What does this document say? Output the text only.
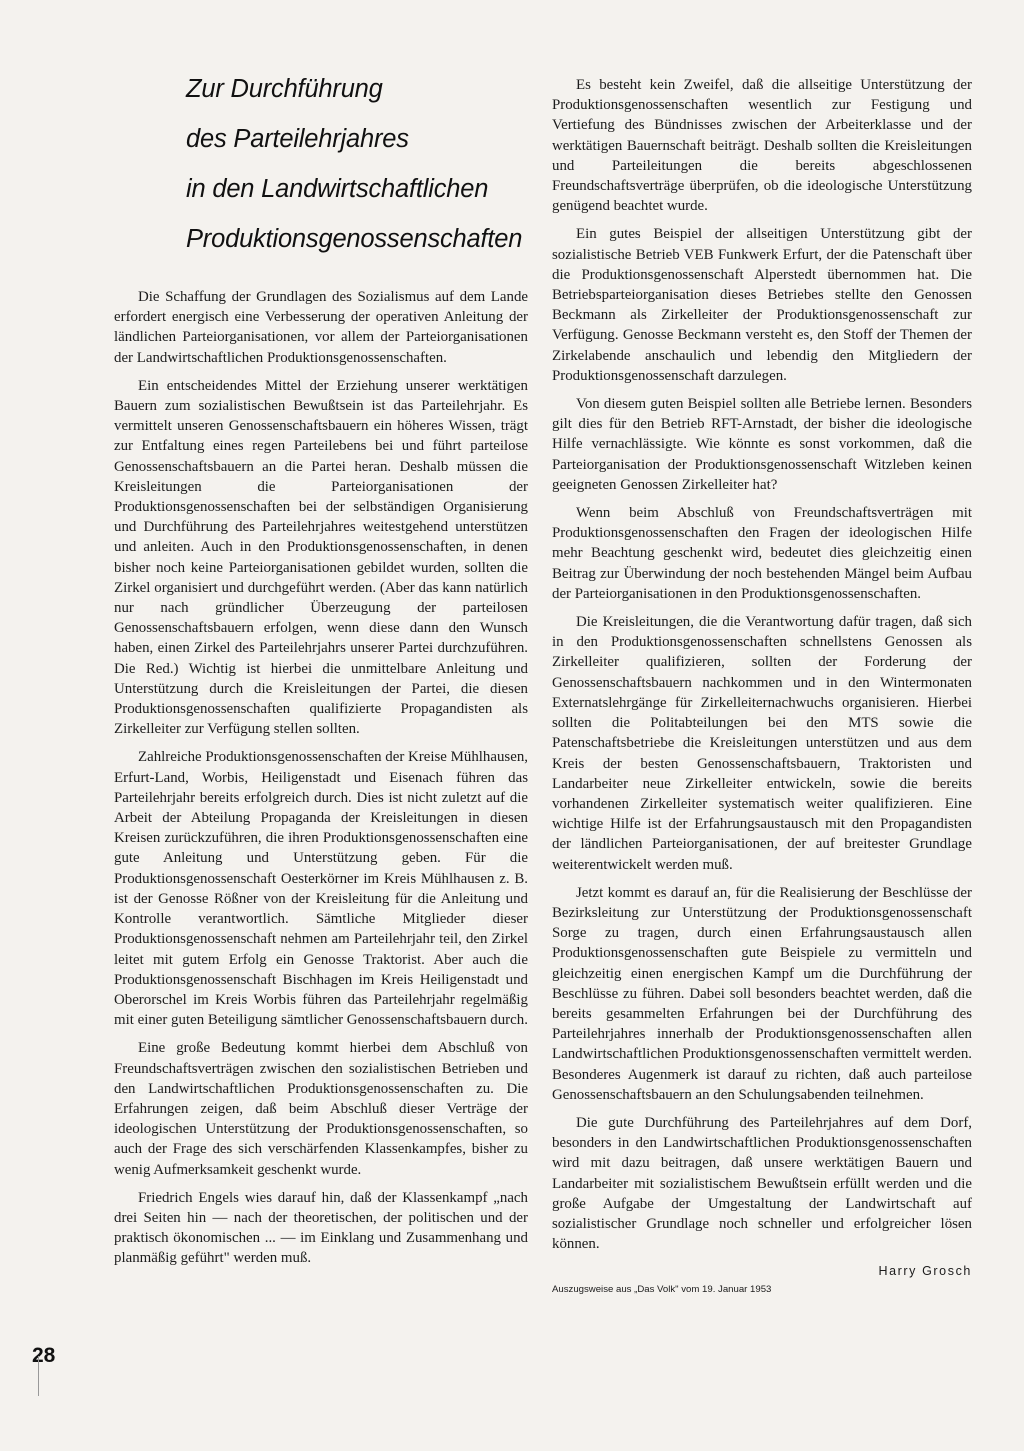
Zur Durchführung
des Parteilehrjahres
in den Landwirtschaftlichen
Produktionsgenossenschaften

Die Schaffung der Grundlagen des Sozialismus auf dem Lande erfordert energisch eine Verbesserung der operativen Anleitung der ländlichen Parteiorganisationen, vor allem der Parteiorganisationen der Landwirtschaftlichen Produktionsgenossenschaften.

Ein entscheidendes Mittel der Erziehung unserer werktätigen Bauern zum sozialistischen Bewußtsein ist das Parteilehrjahr. Es vermittelt unseren Genossenschaftsbauern ein höheres Wissen, trägt zur Entfaltung eines regen Parteilebens bei und führt parteilose Genossenschaftsbauern an die Partei heran. Deshalb müssen die Kreisleitungen die Parteiorganisationen der Produktionsgenossenschaften bei der selbständigen Organisierung und Durchführung des Parteilehrjahres weitestgehend unterstützen und anleiten. Auch in den Produktionsgenossenschaften, in denen bisher noch keine Parteiorganisationen gebildet wurden, sollten die Zirkel organisiert und durchgeführt werden. (Aber das kann natürlich nur nach gründlicher Überzeugung der parteilosen Genossenschaftsbauern erfolgen, wenn diese dann den Wunsch haben, einen Zirkel des Parteilehrjahrs unserer Partei durchzuführen. Die Red.) Wichtig ist hierbei die unmittelbare Anleitung und Unterstützung durch die Kreisleitungen der Partei, die diesen Produktionsgenossenschaften qualifizierte Propagandisten als Zirkelleiter zur Verfügung stellen sollten.

Zahlreiche Produktionsgenossenschaften der Kreise Mühlhausen, Erfurt-Land, Worbis, Heiligenstadt und Eisenach führen das Parteilehrjahr bereits erfolgreich durch. Dies ist nicht zuletzt auf die Arbeit der Abteilung Propaganda der Kreisleitungen in diesen Kreisen zurückzuführen, die ihren Produktionsgenossenschaften eine gute Anleitung und Unterstützung geben. Für die Produktionsgenossenschaft Oesterkörner im Kreis Mühlhausen z. B. ist der Genosse Rößner von der Kreisleitung für die Anleitung und Kontrolle verantwortlich. Sämtliche Mitglieder dieser Produktionsgenossenschaft nehmen am Parteilehrjahr teil, den Zirkel leitet mit gutem Erfolg ein Genosse Traktorist. Aber auch die Produktionsgenossenschaft Bischhagen im Kreis Heiligenstadt und Oberorschel im Kreis Worbis führen das Parteilehrjahr regelmäßig mit einer guten Beteiligung sämtlicher Genossenschaftsbauern durch.

Eine große Bedeutung kommt hierbei dem Abschluß von Freundschaftsverträgen zwischen den sozialistischen Betrieben und den Landwirtschaftlichen Produktionsgenossenschaften zu. Die Erfahrungen zeigen, daß beim Abschluß dieser Verträge der ideologischen Unterstützung der Produktionsgenossenschaften, so auch der Frage des sich verschärfenden Klassenkampfes, bisher zu wenig Aufmerksamkeit geschenkt wurde.

Friedrich Engels wies darauf hin, daß der Klassenkampf „nach drei Seiten hin — nach der theoretischen, der politischen und der praktisch ökonomischen ... — im Einklang und Zusammenhang und planmäßig geführt" werden muß.

Es besteht kein Zweifel, daß die allseitige Unterstützung der Produktionsgenossenschaften wesentlich zur Festigung und Vertiefung des Bündnisses zwischen der Arbeiterklasse und der werktätigen Bauernschaft beiträgt. Deshalb sollten die Kreisleitungen und Parteileitungen die bereits abgeschlossenen Freundschaftsverträge überprüfen, ob die ideologische Unterstützung genügend beachtet wurde.

Ein gutes Beispiel der allseitigen Unterstützung gibt der sozialistische Betrieb VEB Funkwerk Erfurt, der die Patenschaft über die Produktionsgenossenschaft Alperstedt übernommen hat. Die Betriebsparteiorganisation dieses Betriebes stellte den Genossen Beckmann als Zirkelleiter der Produktionsgenossenschaft zur Verfügung. Genosse Beckmann versteht es, den Stoff der Themen der Zirkelabende anschaulich und lebendig den Mitgliedern der Produktionsgenossenschaft darzulegen.

Von diesem guten Beispiel sollten alle Betriebe lernen. Besonders gilt dies für den Betrieb RFT-Arnstadt, der bisher die ideologische Hilfe vernachlässigte. Wie könnte es sonst vorkommen, daß die Parteiorganisation der Produktionsgenossenschaft Witzleben keinen geeigneten Genossen Zirkelleiter hat?

Wenn beim Abschluß von Freundschaftsverträgen mit Produktionsgenossenschaften den Fragen der ideologischen Hilfe mehr Beachtung geschenkt wird, bedeutet dies gleichzeitig einen Beitrag zur Überwindung der noch bestehenden Mängel beim Aufbau der Parteiorganisationen in den Produktionsgenossenschaften.

Die Kreisleitungen, die die Verantwortung dafür tragen, daß sich in den Produktionsgenossenschaften schnellstens Genossen als Zirkelleiter qualifizieren, sollten der Forderung der Genossenschaftsbauern nachkommen und in den Wintermonaten Externatslehrgänge für Zirkelleiternachwuchs organisieren. Hierbei sollten die Politabteilungen bei den MTS sowie die Patenschaftsbetriebe die Kreisleitungen unterstützen und aus dem Kreis der besten Genossenschaftsbauern, Traktoristen und Landarbeiter neue Zirkelleiter entwickeln, sowie die bereits vorhandenen Zirkelleiter systematisch weiter qualifizieren. Eine wichtige Hilfe ist der Erfahrungsaustausch mit den Propagandisten der ländlichen Parteiorganisationen, der auf breitester Grundlage weiterentwickelt werden muß.

Jetzt kommt es darauf an, für die Realisierung der Beschlüsse der Bezirksleitung zur Unterstützung der Produktionsgenossenschaft Sorge zu tragen, durch einen Erfahrungsaustausch allen Produktionsgenossenschaften gute Beispiele zu vermitteln und gleichzeitig einen energischen Kampf um die Durchführung der Beschlüsse zu führen. Dabei soll besonders beachtet werden, daß die bereits gesammelten Erfahrungen bei der Durchführung des Parteilehrjahres innerhalb der Produktionsgenossenschaften allen Landwirtschaftlichen Produktionsgenossenschaften vermittelt werden. Besonderes Augenmerk ist darauf zu richten, daß auch parteilose Genossenschaftsbauern an den Schulungsabenden teilnehmen.

Die gute Durchführung des Parteilehrjahres auf dem Dorf, besonders in den Landwirtschaftlichen Produktionsgenossenschaften wird mit dazu beitragen, daß unsere werktätigen Bauern und Landarbeiter mit sozialistischem Bewußtsein erfüllt werden und die große Aufgabe der Umgestaltung der Landwirtschaft auf sozialistischer Grundlage noch schneller und erfolgreicher lösen können.

Harry Grosch
Auszugsweise aus „Das Volk" vom 19. Januar 1953
28
